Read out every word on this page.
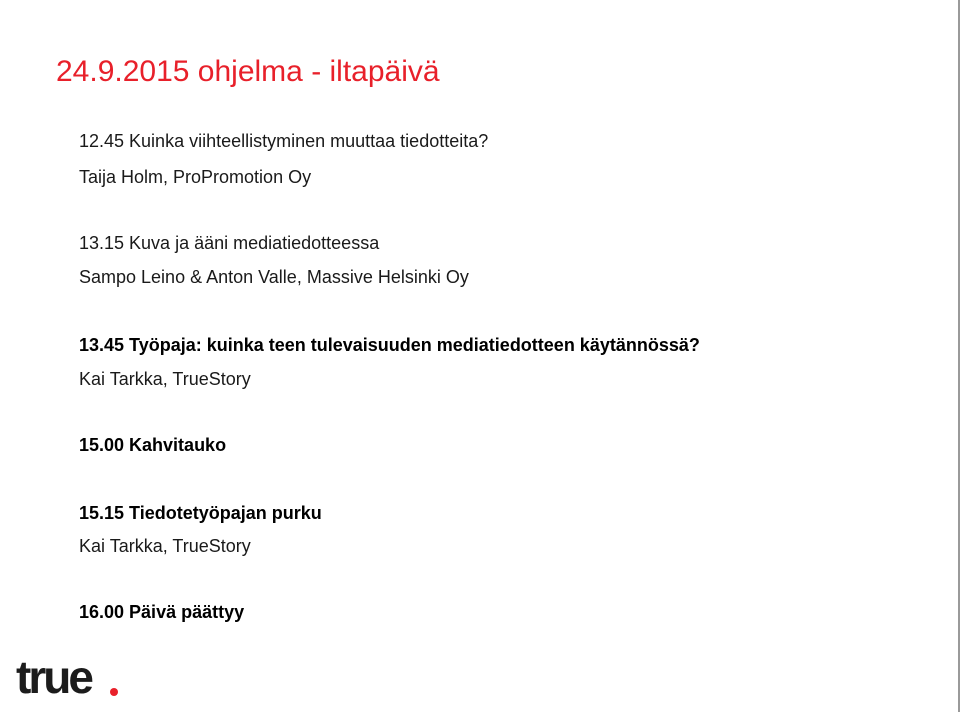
24.9.2015 ohjelma - iltapäivä
12.45 Kuinka viihteellistyminen muuttaa tiedotteita?
Taija Holm, ProPromotion Oy
13.15 Kuva ja ääni mediatiedotteessa
Sampo Leino & Anton Valle, Massive Helsinki Oy
13.45 Työpaja: kuinka teen tulevaisuuden mediatiedotteen käytännössä?
Kai Tarkka, TrueStory
15.00 Kahvitauko
15.15 Tiedotetyöpajan purku
Kai Tarkka, TrueStory
16.00 Päivä päättyy
true
